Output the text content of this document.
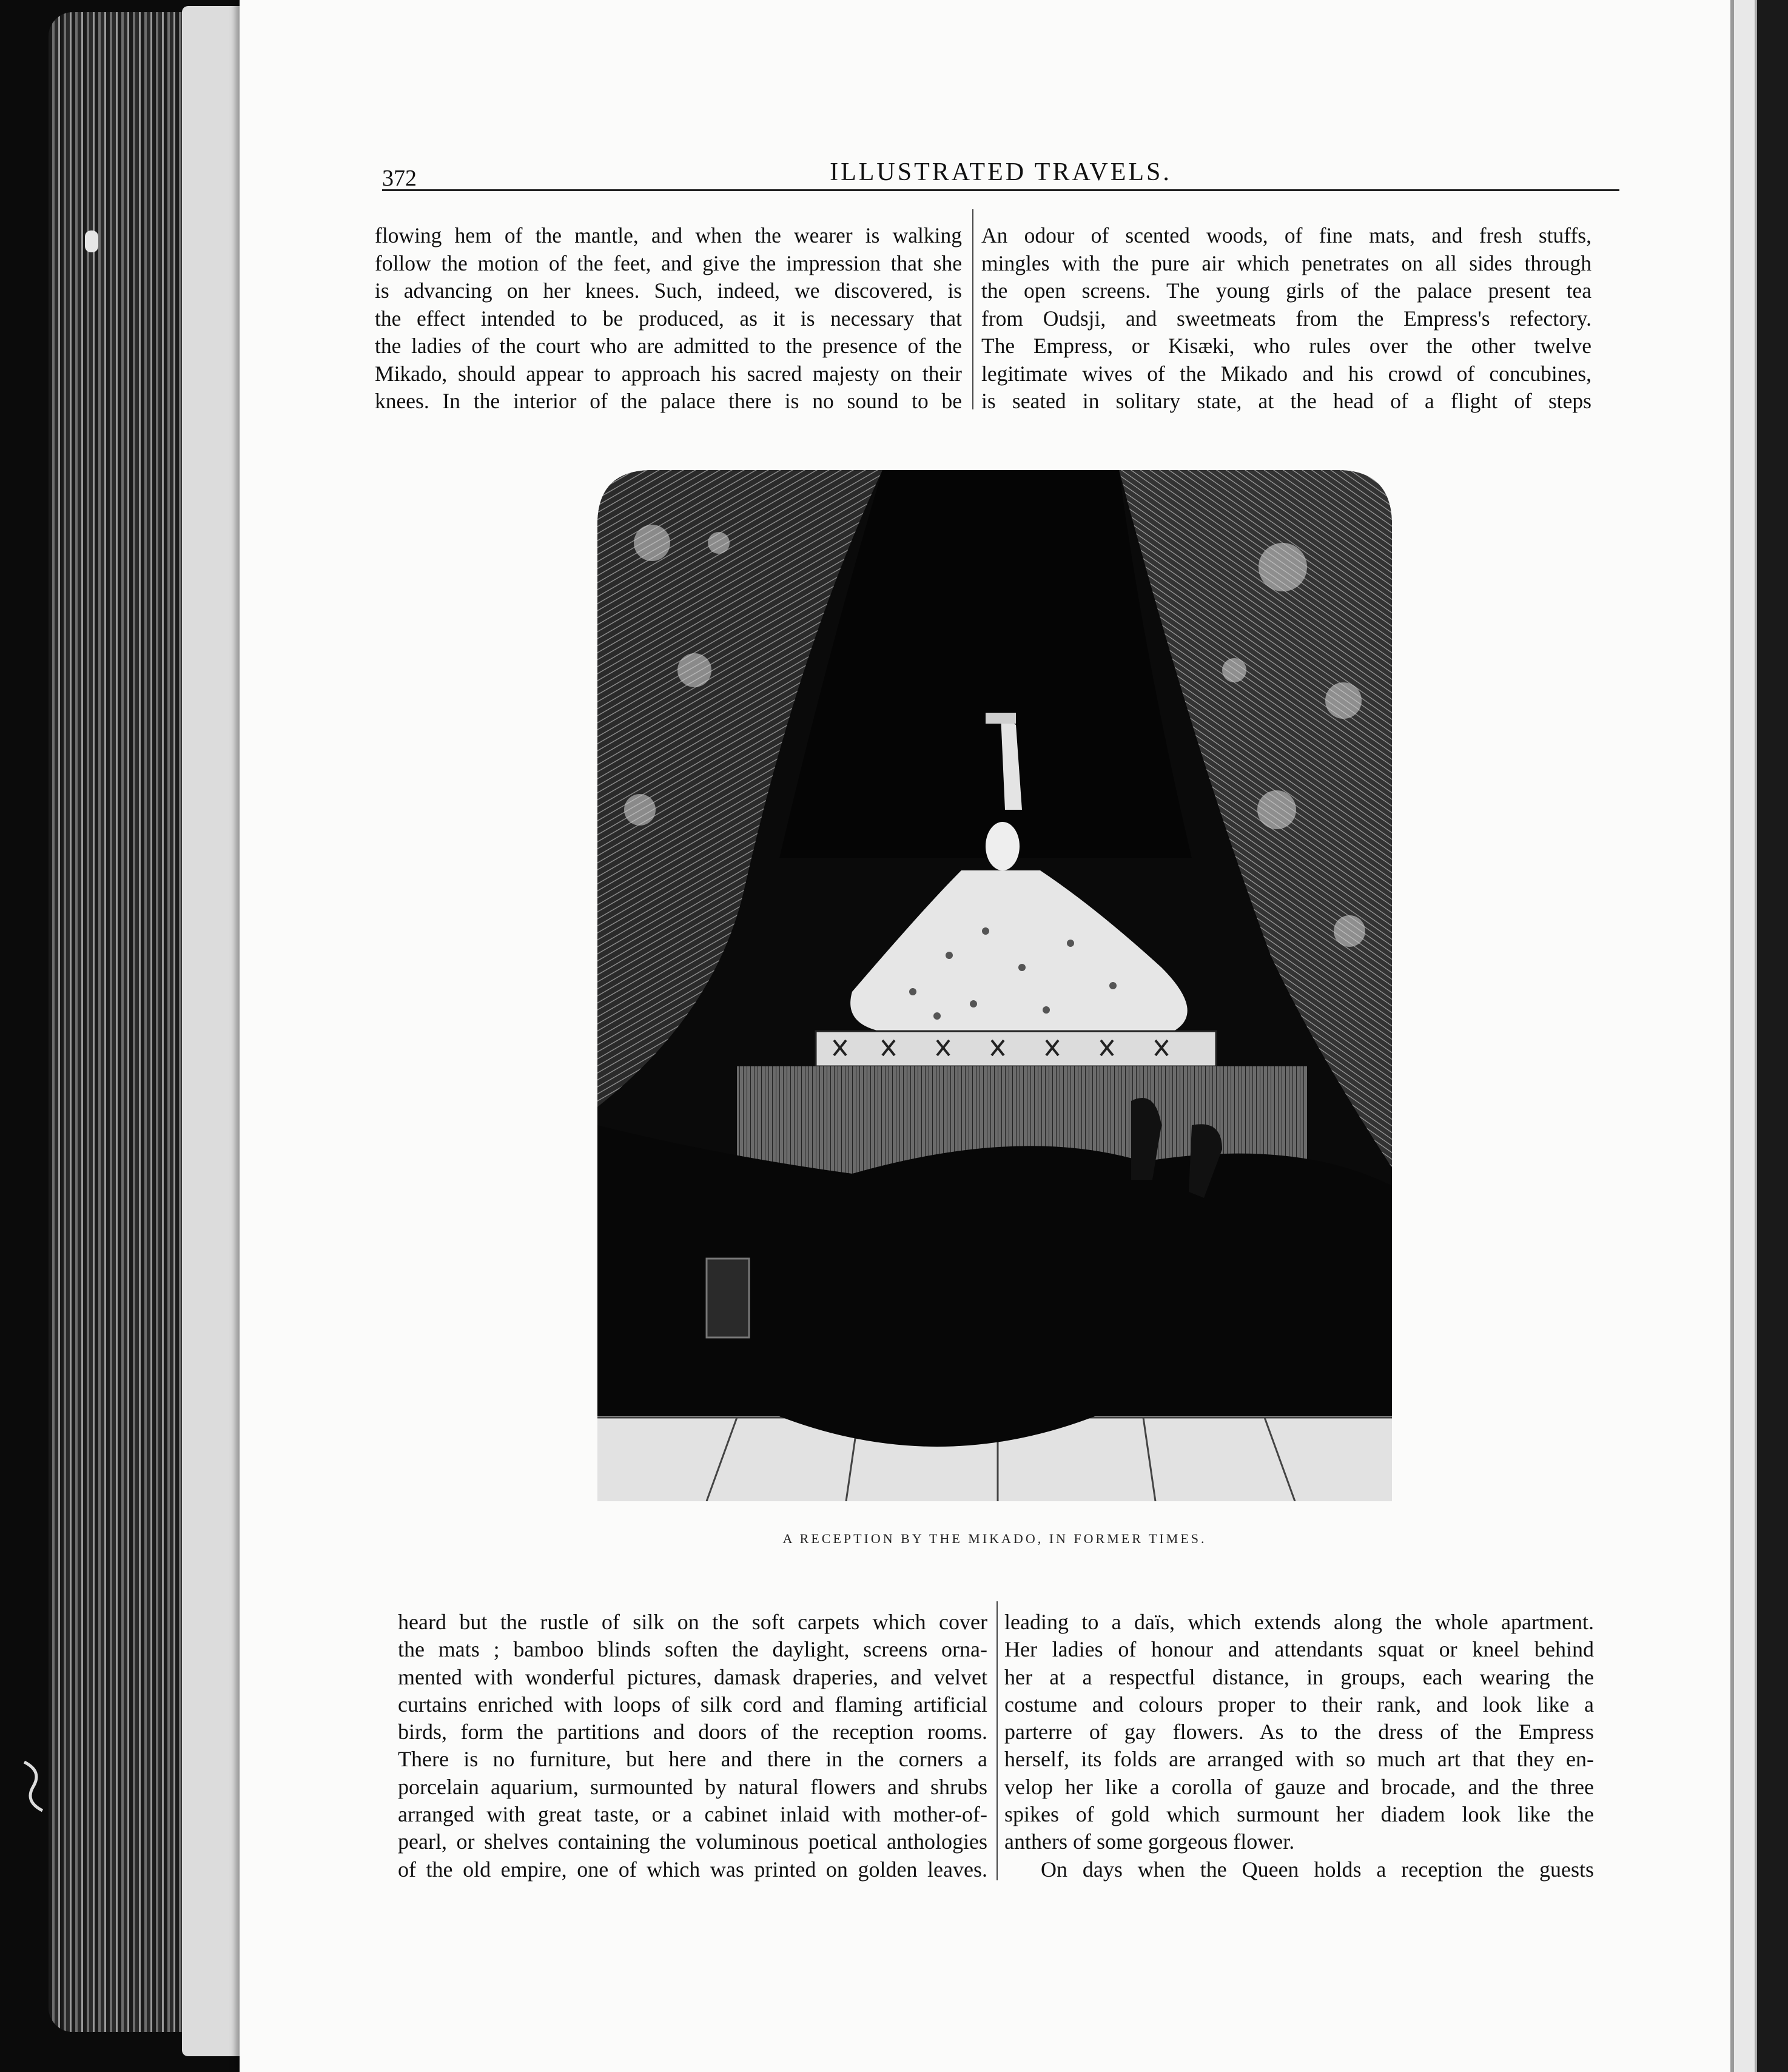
372	ILLUSTRATED TRAVELS.
flowing hem of the mantle, and when the wearer is walking
follow the motion of the feet, and give the impression that she
is advancing on her knees. Such, indeed, we discovered, is
the effect intended to be produced, as it is necessary that
the ladies of the court who are admitted to the presence of the
Mikado, should appear to approach his sacred majesty on their
knees. In the interior of the palace there is no sound to be
An odour of scented woods, of fine mats, and fresh stuffs,
mingles with the pure air which penetrates on all sides through
the open screens. The young girls of the palace present tea
from Oudsji, and sweetmeats from the Empress's refectory.
The Empress, or Kisæki, who rules over the other twelve
legitimate wives of the Mikado and his crowd of concubines,
is seated in solitary state, at the head of a flight of steps
A RECEPTION BY THE MIKADO, IN FORMER TIMES.
heard but the rustle of silk on the soft carpets which cover
the mats ; bamboo blinds soften the daylight, screens orna-
mented with wonderful pictures, damask draperies, and velvet
curtains enriched with loops of silk cord and flaming artificial
birds, form the partitions and doors of the reception rooms.
There is no furniture, but here and there in the corners a
porcelain aquarium, surmounted by natural flowers and shrubs
arranged with great taste, or a cabinet inlaid with mother-of-
pearl, or shelves containing the voluminous poetical anthologies
of the old empire, one of which was printed on golden leaves.
leading to a daïs, which extends along the whole apartment.
Her ladies of honour and attendants squat or kneel behind
her at a respectful distance, in groups, each wearing the
costume and colours proper to their rank, and look like a
parterre of gay flowers. As to the dress of the Empress
herself, its folds are arranged with so much art that they en-
velop her like a corolla of gauze and brocade, and the three
spikes of gold which surmount her diadem look like the
anthers of some gorgeous flower.
On days when the Queen holds a reception the guests
